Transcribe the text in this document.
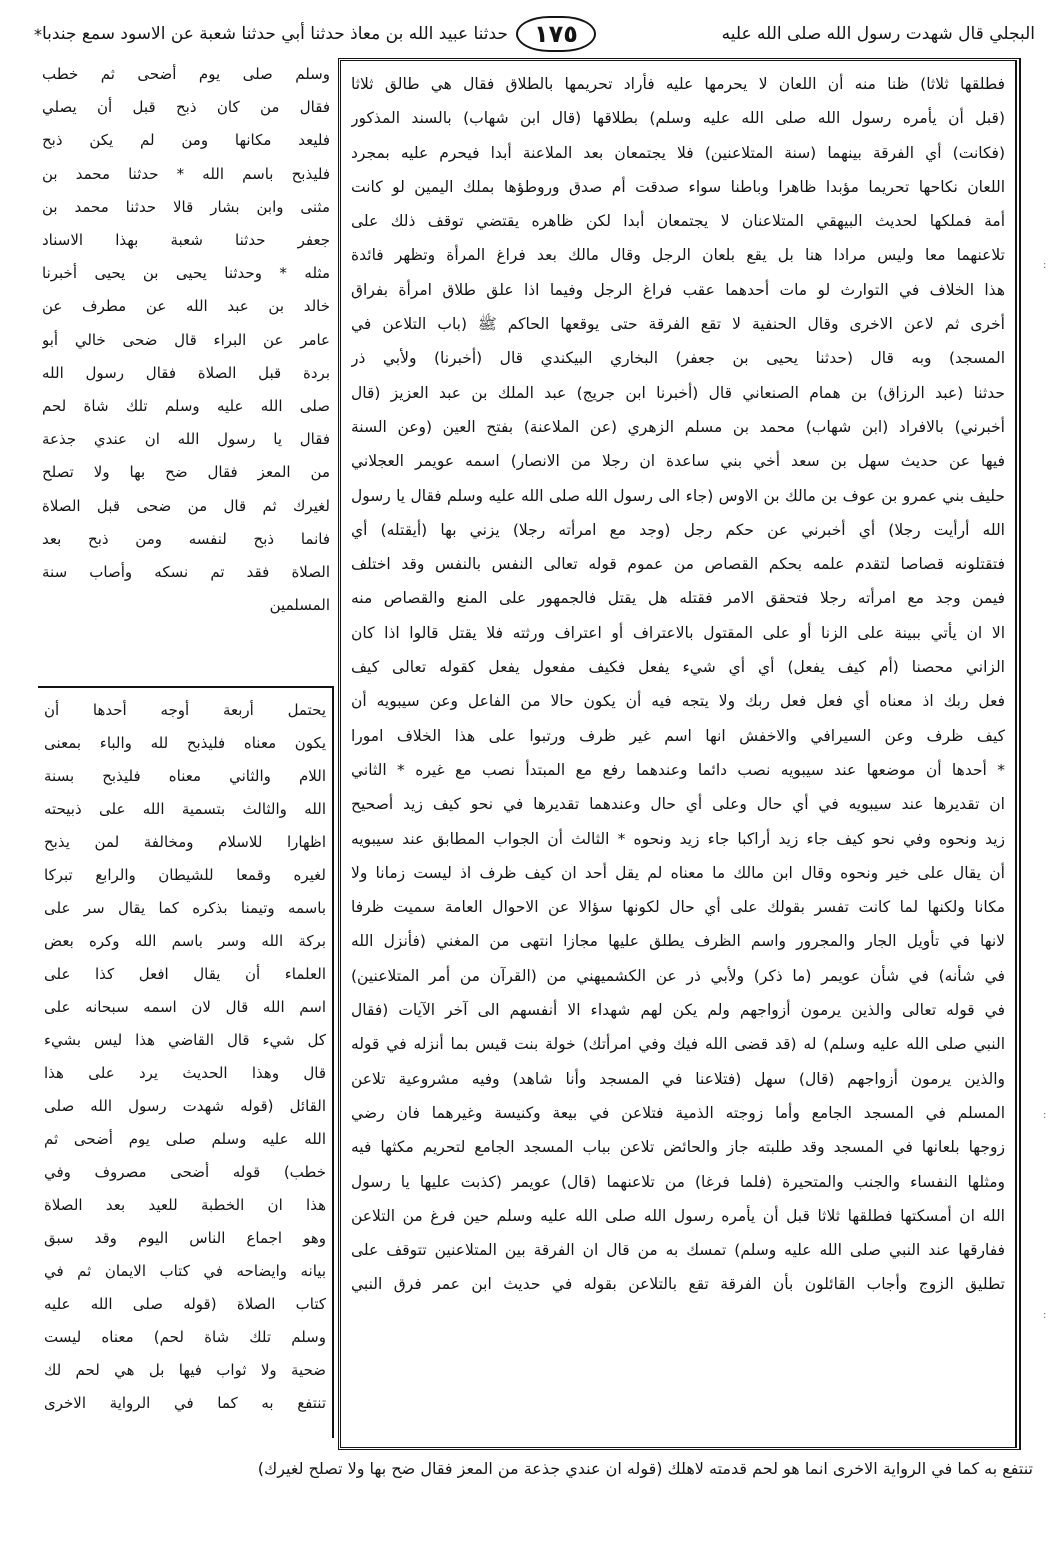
* حدثنا عبيد الله بن معاذ حدثنا أبي حدثنا شعبة عن الاسود سمع جندبا	١٧٥	البجلي قال شهدت رسول الله صلى الله عليه
وسلم صلى يوم أضحى ثم خطب
فقال من كان ذبح قبل أن يصلي
فليعد مكانها ومن لم يكن ذبح
فليذبح باسم الله * حدثنا محمد بن
مثنى وابن بشار قالا حدثنا محمد بن
جعفر حدثنا شعبة بهذا الاسناد
مثله * وحدثنا يحيى بن يحيى أخبرنا
خالد بن عبد الله عن مطرف عن
عامر عن البراء قال ضحى خالي أبو
بردة قبل الصلاة فقال رسول الله
صلى الله عليه وسلم تلك شاة لحم
فقال يا رسول الله ان عندي جذعة
من المعز فقال ضح بها ولا تصلح
لغيرك ثم قال من ضحى قبل الصلاة
فانما ذبح لنفسه ومن ذبح بعد
الصلاة فقد تم نسكه وأصاب سنة
المسلمين
يحتمل أربعة أوجه أحدها أن
يكون معناه فليذبح لله والباء بمعنى
اللام والثاني معناه فليذبح بسنة
الله والثالث بتسمية الله على ذبيحته
اظهارا للاسلام ومخالفة لمن يذبح
لغيره وقمعا للشيطان والرابع تبركا
باسمه وتيمنا بذكره كما يقال سر على
بركة الله وسر باسم الله وكره بعض
العلماء أن يقال افعل كذا على
اسم الله قال لان اسمه سبحانه على
كل شيء قال القاضي هذا ليس بشيء
قال وهذا الحديث يرد على هذا
القائل (قوله شهدت رسول الله صلى
الله عليه وسلم صلى يوم أضحى ثم
خطب) قوله أضحى مصروف وفي
هذا ان الخطبة للعيد بعد الصلاة
وهو اجماع الناس اليوم وقد سبق
بيانه وايضاحه في كتاب الايمان ثم في
كتاب الصلاة (قوله صلى الله عليه
وسلم تلك شاة لحم) معناه ليست
ضحية ولا ثواب فيها بل هي لحم لك
تنتفع به كما في الرواية الاخرى
فطلقها ثلاثا) ظنا منه أن اللعان لا يحرمها عليه فأراد تحريمها بالطلاق فقال هي طالق ثلاثا
(قبل أن يأمره رسول الله صلى الله عليه وسلم) بطلاقها (قال ابن شهاب) بالسند المذكور
(فكانت) أي الفرقة بينهما (سنة المتلاعنين) فلا يجتمعان بعد الملاعنة أبدا فيحرم عليه بمجرد
اللعان نكاحها تحريما مؤبدا ظاهرا وباطنا سواء صدقت أم صدق وروطؤها بملك اليمين لو كانت
أمة فملكها لحديث البيهقي المتلاعنان لا يجتمعان أبدا لكن ظاهره يقتضي توقف ذلك على
تلاعنهما معا وليس مرادا هنا بل يقع بلعان الرجل وقال مالك بعد فراغ المرأة وتظهر فائدة
هذا الخلاف في التوارث لو مات أحدهما عقب فراغ الرجل وفيما اذا علق طلاق امرأة بفراق
أخرى ثم لاعن الاخرى وقال الحنفية لا تقع الفرقة حتى يوقعها الحاكم ﷺ (باب التلاعن في
المسجد) وبه قال (حدثنا يحيى بن جعفر) البخاري البيكندي قال (أخبرنا) ولأبي ذر
حدثنا (عبد الرزاق) بن همام الصنعاني قال (أخبرنا ابن جريج) عبد الملك بن عبد العزيز (قال
أخبرني) بالافراد (ابن شهاب) محمد بن مسلم الزهري (عن الملاعنة) بفتح العين (وعن السنة
فيها عن حديث سهل بن سعد أخي بني ساعدة ان رجلا من الانصار) اسمه عويمر العجلاني
حليف بني عمرو بن عوف بن مالك بن الاوس (جاء الى رسول الله صلى الله عليه وسلم فقال يا رسول
الله أرأيت رجلا) أي أخبرني عن حكم رجل (وجد مع امرأته رجلا) يزني بها (أيقتله) أي
فتقتلونه قصاصا لتقدم علمه بحكم القصاص من عموم قوله تعالى النفس بالنفس وقد اختلف
فيمن وجد مع امرأته رجلا فتحقق الامر فقتله هل يقتل فالجمهور على المنع والقصاص منه
الا ان يأتي ببينة على الزنا أو على المقتول بالاعتراف أو اعتراف ورثته فلا يقتل قالوا اذا كان
الزاني محصنا (أم كيف يفعل) أي أي شيء يفعل فكيف مفعول يفعل كقوله تعالى كيف
فعل ربك اذ معناه أي فعل فعل ربك ولا يتجه فيه أن يكون حالا من الفاعل وعن سيبويه أن
كيف ظرف وعن السيرافي والاخفش انها اسم غير ظرف ورتبوا على هذا الخلاف امورا
* أحدها أن موضعها عند سيبويه نصب دائما وعندهما رفع مع المبتدأ نصب مع غيره * الثاني
ان تقديرها عند سيبويه في أي حال وعلى أي حال وعندهما تقديرها في نحو كيف زيد أصحيح
زيد ونحوه وفي نحو كيف جاء زيد أراكبا جاء زيد ونحوه * الثالث أن الجواب المطابق عند سيبويه
أن يقال على خير ونحوه وقال ابن مالك ما معناه لم يقل أحد ان كيف ظرف اذ ليست زمانا ولا
مكانا ولكنها لما كانت تفسر بقولك على أي حال لكونها سؤالا عن الاحوال العامة سميت ظرفا
لانها في تأويل الجار والمجرور واسم الظرف يطلق عليها مجازا انتهى من المغني (فأنزل الله
في شأنه) في شأن عويمر (ما ذكر) ولأبي ذر عن الكشميهني من (القرآن من أمر المتلاعنين)
في قوله تعالى والذين يرمون أزواجهم ولم يكن لهم شهداء الا أنفسهم الى آخر الآيات (فقال
النبي صلى الله عليه وسلم) له (قد قضى الله فيك وفي امرأتك) خولة بنت قيس بما أنزله في قوله
والذين يرمون أزواجهم (قال) سهل (فتلاعنا في المسجد وأنا شاهد) وفيه مشروعية تلاعن
المسلم في المسجد الجامع وأما زوجته الذمية فتلاعن في بيعة وكنيسة وغيرهما فان رضي
زوجها بلعانها في المسجد وقد طلبته جاز والحائض تلاعن بباب المسجد الجامع لتحريم مكثها فيه
ومثلها النفساء والجنب والمتحيرة (فلما فرغا) من تلاعنهما (قال) عويمر (كذبت عليها يا رسول
الله ان أمسكتها فطلقها ثلاثا قبل أن يأمره رسول الله صلى الله عليه وسلم حين فرغ من التلاعن
ففارقها عند النبي صلى الله عليه وسلم) تمسك به من قال ان الفرقة بين المتلاعنين تتوقف على
تطليق الزوج وأجاب القائلون بأن الفرقة تقع بالتلاعن بقوله في حديث ابن عمر فرق النبي
تنتفع به كما في الرواية الاخرى انما هو لحم قدمته لاهلك (قوله ان عندي جذعة من المعز فقال ضح بها ولا تصلح لغيرك)
:
:
:
